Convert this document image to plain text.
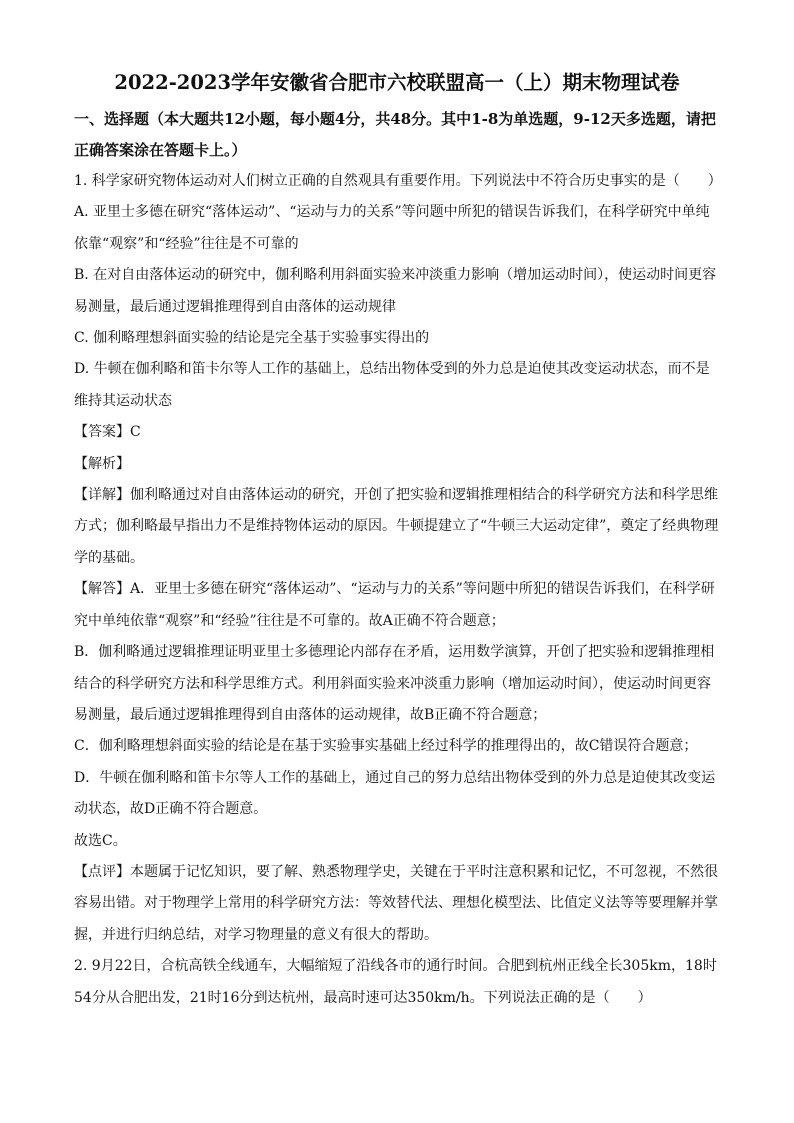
2022-2023学年安徽省合肥市六校联盟高一（上）期末物理试卷

一、选择题（本大题共12小题，每小题4分，共48分。其中1-8为单选题，9-12天多选题，请把正确答案涂在答题卡上。）

1. 科学家研究物体运动对人们树立正确的自然观具有重要作用。下列说法中不符合历史事实的是（　　）

A. 亚里士多德在研究“落体运动”、“运动与力的关系”等问题中所犯的错误告诉我们，在科学研究中单纯依靠“观察”和“经验”往往是不可靠的

B. 在对自由落体运动的研究中，伽利略利用斜面实验来冲淡重力影响（增加运动时间），使运动时间更容易测量，最后通过逻辑推理得到自由落体的运动规律

C. 伽利略理想斜面实验的结论是完全基于实验事实得出的

D. 牛顿在伽利略和笛卡尔等人工作的基础上，总结出物体受到的外力总是迫使其改变运动状态，而不是维持其运动状态

【答案】C

【解析】

【详解】伽利略通过对自由落体运动的研究，开创了把实验和逻辑推理相结合的科学研究方法和科学思维方式；伽利略最早指出力不是维持物体运动的原因。牛顿提建立了“牛顿三大运动定律”，奠定了经典物理学的基础。

【解答】A．亚里士多德在研究“落体运动”、“运动与力的关系”等问题中所犯的错误告诉我们，在科学研究中单纯依靠“观察”和“经验”往往是不可靠的。故A正确不符合题意；

B．伽利略通过逻辑推理证明亚里士多德理论内部存在矛盾，运用数学演算，开创了把实验和逻辑推理相结合的科学研究方法和科学思维方式。利用斜面实验来冲淡重力影响（增加运动时间），使运动时间更容易测量，最后通过逻辑推理得到自由落体的运动规律，故B正确不符合题意；

C．伽利略理想斜面实验的结论是在基于实验事实基础上经过科学的推理得出的，故C错误符合题意；

D．牛顿在伽利略和笛卡尔等人工作的基础上，通过自己的努力总结出物体受到的外力总是迫使其改变运动状态，故D正确不符合题意。

故选C。

【点评】本题属于记忆知识，要了解、熟悉物理学史，关键在于平时注意积累和记忆，不可忽视，不然很容易出错。对于物理学上常用的科学研究方法：等效替代法、理想化模型法、比值定义法等等要理解并掌握，并进行归纳总结，对学习物理量的意义有很大的帮助。

2. 9月22日，合杭高铁全线通车，大幅缩短了沿线各市的通行时间。合肥到杭州正线全长305km，18时54分从合肥出发，21时16分到达杭州，最高时速可达350km/h。下列说法正确的是（　　）
